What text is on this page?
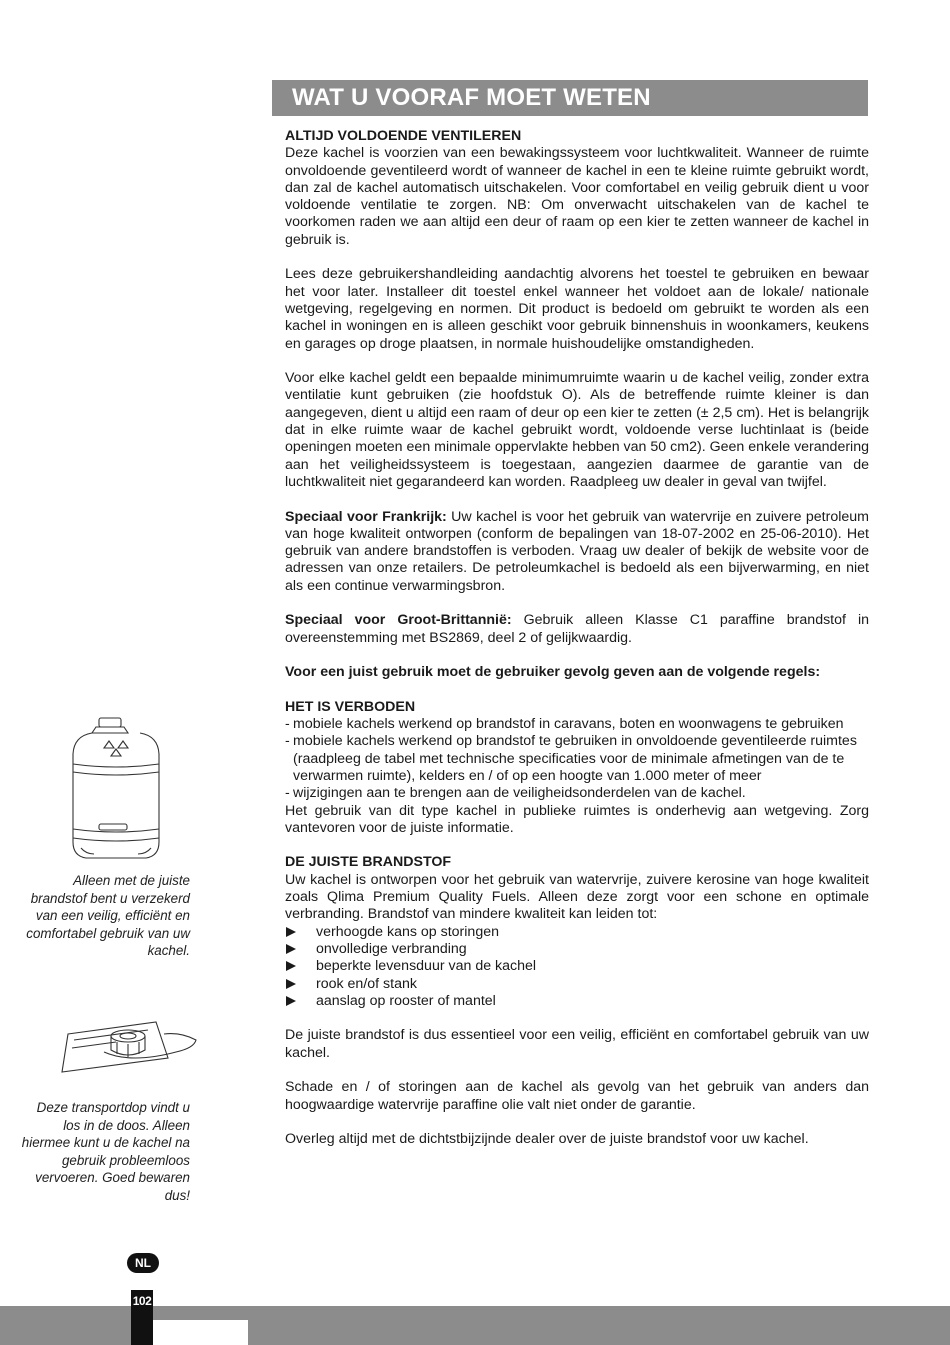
WAT U VOORAF MOET WETEN

ALTIJD VOLDOENDE VENTILEREN

Deze kachel is voorzien van een bewakingssysteem voor luchtkwaliteit. Wanneer de ruimte onvoldoende geventileerd wordt of wanneer de kachel in een te kleine ruimte gebruikt wordt, dan zal de kachel automatisch uitschakelen. Voor comfortabel en veilig gebruik dient u voor voldoende ventilatie te zorgen. NB: Om onverwacht uitschakelen van de kachel te voorkomen raden we aan altijd een deur of raam op een kier te zetten wanneer de kachel in gebruik is.

Lees deze gebruikershandleiding aandachtig alvorens het toestel te gebruiken en bewaar het voor later. Installeer dit toestel enkel wanneer het voldoet aan de lokale/ nationale wetgeving, regelgeving en normen. Dit product is bedoeld om gebruikt te worden als een kachel in woningen en is alleen geschikt voor gebruik binnenshuis in woonkamers, keukens en garages op droge plaatsen, in normale huishoudelijke omstandigheden.

Voor elke kachel geldt een bepaalde minimumruimte waarin u de kachel veilig, zonder extra ventilatie kunt gebruiken (zie hoofdstuk O). Als de betreffende ruimte kleiner is dan aangegeven, dient u altijd een raam of deur op een kier te zetten (± 2,5 cm). Het is belangrijk dat in elke ruimte waar de kachel gebruikt wordt, voldoende verse luchtinlaat is (beide openingen moeten een minimale oppervlakte hebben van 50 cm2). Geen enkele verandering aan het veiligheidssysteem is toegestaan, aangezien daarmee de garantie van de luchtkwaliteit niet gegarandeerd kan worden. Raadpleeg uw dealer in geval van twijfel.

Speciaal voor Frankrijk: Uw kachel is voor het gebruik van watervrije en zuivere petroleum van hoge kwaliteit ontworpen (conform de bepalingen van 18-07-2002 en 25-06-2010). Het gebruik van andere brandstoffen is verboden. Vraag uw dealer of bekijk de website voor de adressen van onze retailers. De petroleumkachel is bedoeld als een bijverwarming, en niet als een continue verwarmingsbron.

Speciaal voor Groot-Brittannië: Gebruik alleen Klasse C1 paraffine brandstof in overeenstemming met BS2869, deel 2 of gelijkwaardig.

Voor een juist gebruik moet de gebruiker gevolg geven aan de volgende regels:

HET IS VERBODEN

- mobiele kachels werkend op brandstof in caravans, boten en woonwagens te gebruiken
- mobiele kachels werkend op brandstof te gebruiken in onvoldoende geventileerde ruimtes (raadpleeg de tabel met technische specificaties voor de minimale afmetingen van de te verwarmen ruimte), kelders en / of op een hoogte van 1.000 meter of meer
- wijzigingen aan te brengen aan de veiligheidsonderdelen van de kachel.

Het gebruik van dit type kachel in publieke ruimtes is onderhevig aan wetgeving. Zorg vantevoren voor de juiste informatie.

DE JUISTE BRANDSTOF

Uw kachel is ontworpen voor het gebruik van watervrije, zuivere kerosine van hoge kwaliteit zoals Qlima Premium Quality Fuels. Alleen deze zorgt voor een schone en optimale verbranding. Brandstof van mindere kwaliteit kan leiden tot:

verhoogde kans op storingen
onvolledige verbranding
beperkte levensduur van de kachel
rook en/of stank
aanslag op rooster of mantel

De juiste brandstof is dus essentieel voor een veilig, efficiënt en comfortabel gebruik van uw kachel.

Schade en / of storingen aan de kachel als gevolg van het gebruik van anders dan hoogwaardige watervrije paraffine olie valt niet onder de garantie.

Overleg altijd met de dichtstbijzijnde dealer over de juiste brandstof voor uw kachel.

Alleen met de juiste brandstof bent u verzekerd van een veilig, efficiënt en comfortabel gebruik van uw kachel.

Deze transportdop vindt u los in de doos. Alleen hiermee kunt u de kachel na gebruik probleemloos vervoeren. Goed bewaren dus!

NL
102
